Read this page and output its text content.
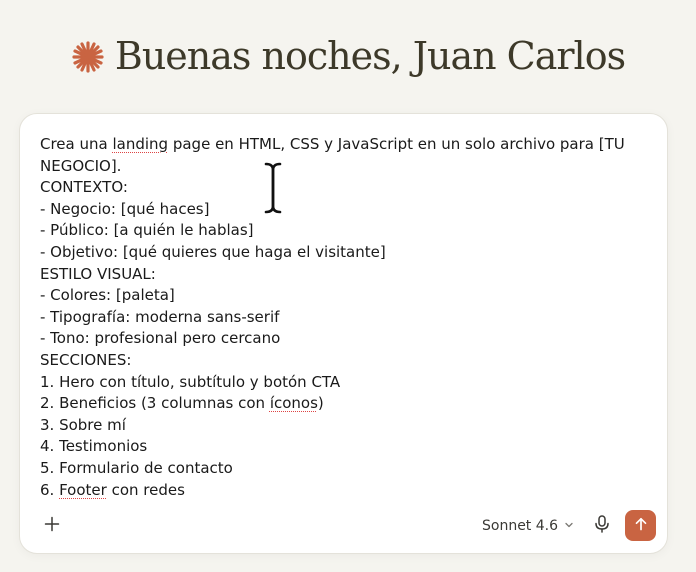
Buenas noches, Juan Carlos
Crea una landing page en HTML, CSS y JavaScript en un solo archivo para [TU
NEGOCIO].
CONTEXTO:
- Negocio: [qué haces]
- Público: [a quién le hablas]
- Objetivo: [qué quieres que haga el visitante]
ESTILO VISUAL:
- Colores: [paleta]
- Tipografía: moderna sans-serif
- Tono: profesional pero cercano
SECCIONES:
1. Hero con título, subtítulo y botón CTA
2. Beneficios (3 columnas con íconos)
3. Sobre mí
4. Testimonios
5. Formulario de contacto
6. Footer con redes
Sonnet 4.6
